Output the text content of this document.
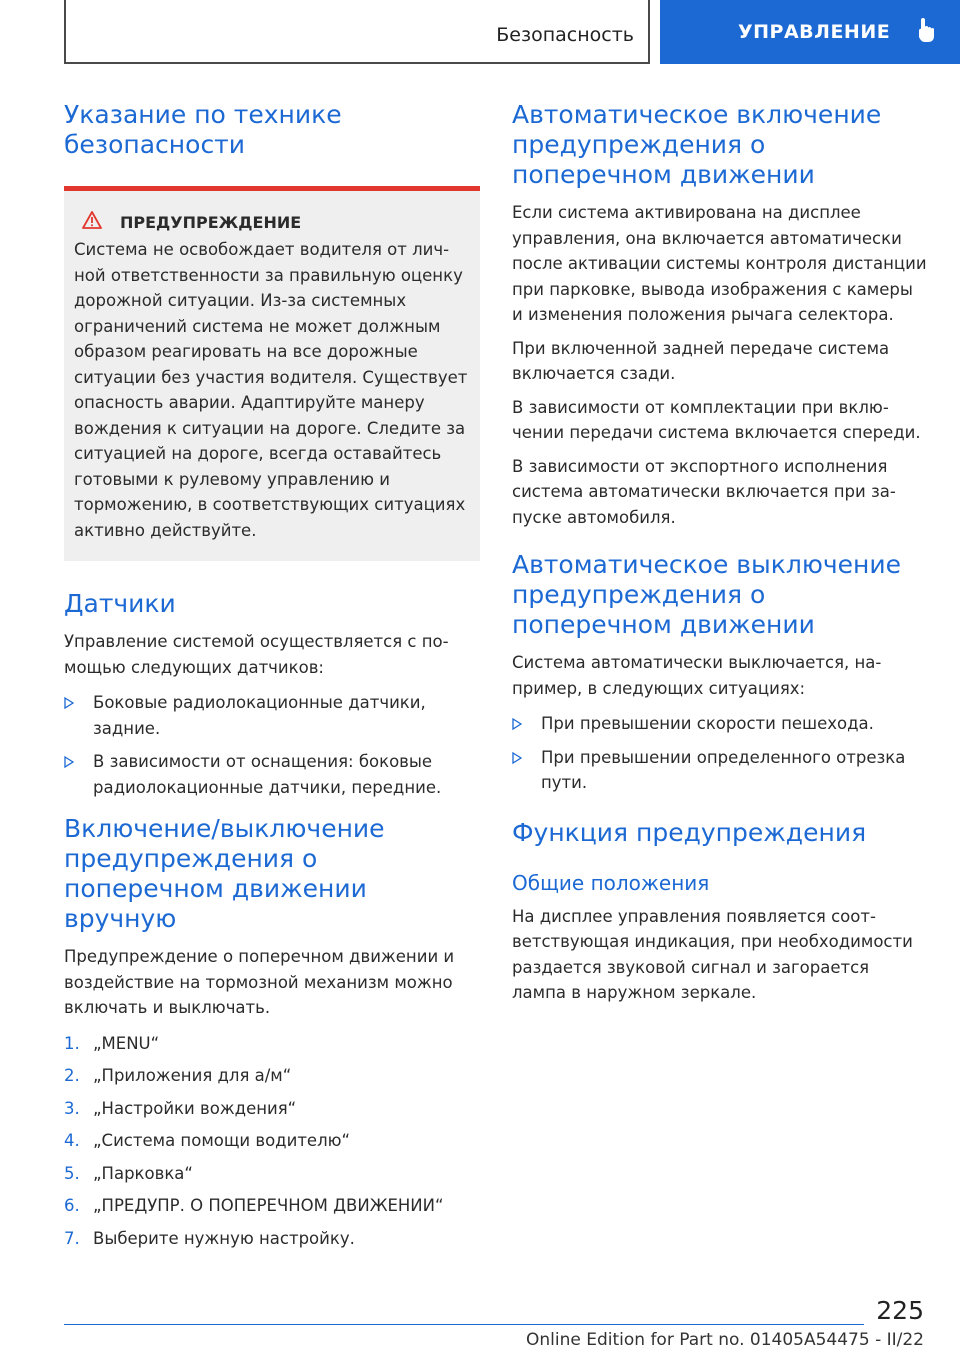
Безопасность	УПРАВЛЕНИЕ
Указание по технике безопасности
ПРЕДУПРЕЖДЕНИЕ

Система не освобождает водителя от личной ответственности за правильную оценку дорожной ситуации. Из-за системных ограничений система не может должным образом реагировать на все дорожные ситуации без участия водителя. Существует опасность аварии. Адаптируйте манеру вождения к ситуации на дороге. Следите за ситуацией на дороге, всегда оставайтесь готовыми к рулевому управлению и торможению, в соответствующих ситуациях активно действуйте.

Датчики

Управление системой осуществляется с помощью следующих датчиков:

Боковые радиолокационные датчики, задние.
В зависимости от оснащения: боковые радиолокационные датчики, передние.
Включение/выключение предупреждения о поперечном движении вручную

Предупреждение о поперечном движении и воздействие на тормозной механизм можно включать и выключать.

1. „MENU“
2. „Приложения для а/м“
3. „Настройки вождения“
4. „Система помощи водителю“
5. „Парковка“
6. „ПРЕДУПР. О ПОПЕРЕЧНОМ ДВИЖЕНИИ“
7. Выберите нужную настройку.
Автоматическое включение предупреждения о поперечном движении

Если система активирована на дисплее управления, она включается автоматически после активации системы контроля дистанции при парковке, вывода изображения с камеры и изменения положения рычага селектора.

При включенной задней передаче система включается сзади.

В зависимости от комплектации при включении передачи система включается спереди.

В зависимости от экспортного исполнения система автоматически включается при запуске автомобиля.

Автоматическое выключение предупреждения о поперечном движении

Система автоматически выключается, например, в следующих ситуациях:

При превышении скорости пешехода.
При превышении определенного отрезка пути.
Функция предупреждения
Общие положения

На дисплее управления появляется соответствующая индикация, при необходимости раздается звуковой сигнал и загорается лампа в наружном зеркале.

225
Online Edition for Part no. 01405A54475 - II/22
